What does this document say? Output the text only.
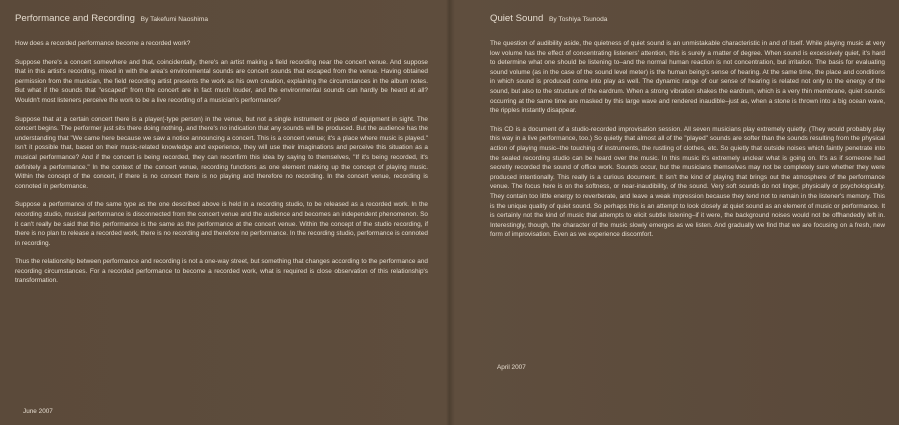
Performance and Recording By Takefumi Naoshima

How does a recorded performance become a recorded work?

Suppose there's a concert somewhere and that, coincidentally, there's an artist making a field recording near the concert venue. And suppose that in this artist's recording, mixed in with the area's environmental sounds are concert sounds that escaped from the venue. Having obtained permission from the musician, the field recording artist presents the work as his own creation, explaining the circumstances in the album notes. But what if the sounds that "escaped" from the concert are in fact much louder, and the environmental sounds can hardly be heard at all? Wouldn't most listeners perceive the work to be a live recording of a musician's performance?

Suppose that at a certain concert there is a player(-type person) in the venue, but not a single instrument or piece of equipment in sight. The concert begins. The performer just sits there doing nothing, and there's no indication that any sounds will be produced. But the audience has the understanding that "We came here because we saw a notice announcing a concert. This is a concert venue; it's a place where music is played." Isn't it possible that, based on their music-related knowledge and experience, they will use their imaginations and perceive this situation as a musical performance? And if the concert is being recorded, they can reconfirm this idea by saying to themselves, "If it's being recorded, it's definitely a performance." In the context of the concert venue, recording functions as one element making up the concept of playing music. Within the concept of the concert, if there is no concert there is no playing and therefore no recording. In the concert venue, recording is connoted in performance.

Suppose a performance of the same type as the one described above is held in a recording studio, to be released as a recorded work. In the recording studio, musical performance is disconnected from the concert venue and the audience and becomes an independent phenomenon. So it can't really be said that this performance is the same as the performance at the concert venue. Within the concept of the studio recording, if there is no plan to release a recorded work, there is no recording and therefore no performance. In the recording studio, performance is connoted in recording.

Thus the relationship between performance and recording is not a one-way street, but something that changes according to the performance and recording circumstances. For a recorded performance to become a recorded work, what is required is close observation of this relationship's transformation.

June 2007
Quiet Sound By Toshiya Tsunoda

The question of audibility aside, the quietness of quiet sound is an unmistakable characteristic in and of itself. While playing music at very low volume has the effect of concentrating listeners' attention, this is surely a matter of degree. When sound is excessively quiet, it's hard to determine what one should be listening to–and the normal human reaction is not concentration, but irritation. The basis for evaluating sound volume (as in the case of the sound level meter) is the human being's sense of hearing. At the same time, the place and conditions in which sound is produced come into play as well. The dynamic range of our sense of hearing is related not only to the energy of the sound, but also to the structure of the eardrum. When a strong vibration shakes the eardrum, which is a very thin membrane, quiet sounds occurring at the same time are masked by this large wave and rendered inaudible–just as, when a stone is thrown into a big ocean wave, the ripples instantly disappear.

This CD is a document of a studio-recorded improvisation session. All seven musicians play extremely quietly. (They would probably play this way in a live performance, too.) So quietly that almost all of the "played" sounds are softer than the sounds resulting from the physical action of playing music–the touching of instruments, the rustling of clothes, etc. So quietly that outside noises which faintly penetrate into the sealed recording studio can be heard over the music. In this music it's extremely unclear what is going on. It's as if someone had secretly recorded the sound of office work. Sounds occur, but the musicians themselves may not be completely sure whether they were produced intentionally. This really is a curious document. It isn't the kind of playing that brings out the atmosphere of the performance venue. The focus here is on the softness, or near-inaudibility, of the sound. Very soft sounds do not linger, physically or psychologically. They contain too little energy to reverberate, and leave a weak impression because they tend not to remain in the listener's memory. This is the unique quality of quiet sound. So perhaps this is an attempt to look closely at quiet sound as an element of music or performance. It is certainly not the kind of music that attempts to elicit subtle listening–if it were, the background noises would not be offhandedly left in. Interestingly, though, the character of the music slowly emerges as we listen. And gradually we find that we are focusing on a fresh, new form of improvisation. Even as we experience discomfort.

April 2007
